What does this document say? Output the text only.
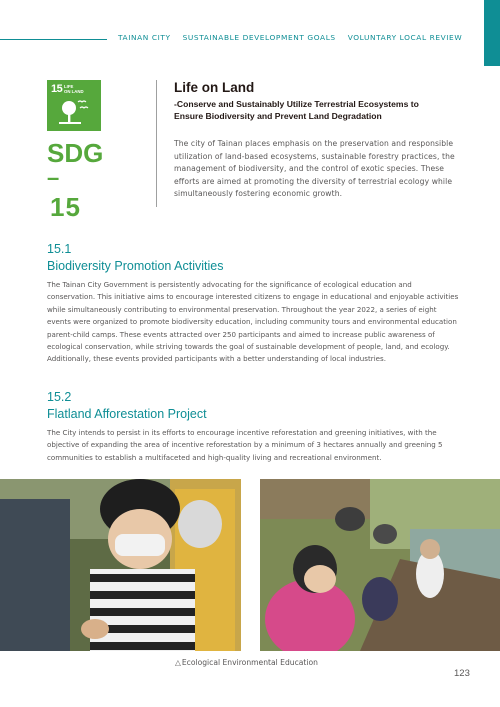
TAINAN CITY SUSTAINABLE DEVELOPMENT GOALS VOLUNTARY LOCAL REVIEW
15 LIFE
ON LAND
SDG
–
15
Life on Land
-Conserve and Sustainably Utilize Terrestrial Ecosystems to
Ensure Biodiversity and Prevent Land Degradation
The city of Tainan places emphasis on the preservation and responsible utilization of land-based ecosystems, sustainable forestry practices, the management of biodiversity, and the control of exotic species. These efforts are aimed at promoting the diversity of terrestrial ecology while simultaneously fostering economic growth.
15.1
Biodiversity Promotion Activities
The Tainan City Government is persistently advocating for the significance of ecological education and conservation. This initiative aims to encourage interested citizens to engage in educational and enjoyable activities while simultaneously contributing to environmental preservation. Throughout the year 2022, a series of eight events were organized to promote biodiversity education, including community tours and environmental education parent-child camps. These events attracted over 250 participants and aimed to increase public awareness of ecological conservation, while striving towards the goal of sustainable development of people, land, and ecology. Additionally, these events provided participants with a better understanding of local industries.
15.2
Flatland Afforestation Project
The City intends to persist in its efforts to encourage incentive reforestation and greening initiatives, with the objective of expanding the area of incentive reforestation by a minimum of 3 hectares annually and greening 5 communities to establish a multifaceted and high-quality living and recreational environment.
△Ecological Environmental Education
123
